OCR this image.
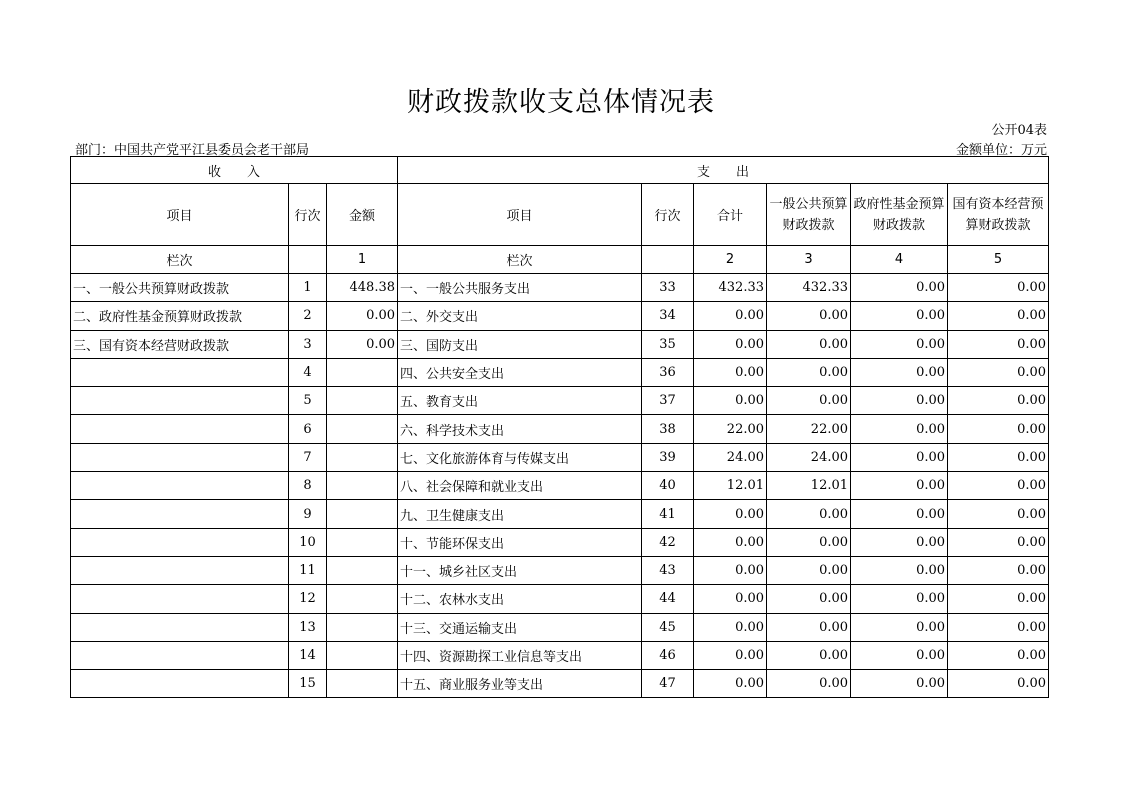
财政拨款收支总体情况表
公开04表
部门：中国共产党平江县委员会老干部局	金额单位：万元
收　　入			支　　出					
项目	行次	金额	项目	行次	合计	一般公共预算财政拨款	政府性基金预算财政拨款	国有资本经营预算财政拨款
栏次		1	栏次		2	3	4	5
一、一般公共预算财政拨款	1	448.38	一、一般公共服务支出	33	432.33	432.33	0.00	0.00
二、政府性基金预算财政拨款	2	0.00	二、外交支出	34	0.00	0.00	0.00	0.00
三、国有资本经营财政拨款	3	0.00	三、国防支出	35	0.00	0.00	0.00	0.00
	4		四、公共安全支出	36	0.00	0.00	0.00	0.00
	5		五、教育支出	37	0.00	0.00	0.00	0.00
	6		六、科学技术支出	38	22.00	22.00	0.00	0.00
	7		七、文化旅游体育与传媒支出	39	24.00	24.00	0.00	0.00
	8		八、社会保障和就业支出	40	12.01	12.01	0.00	0.00
	9		九、卫生健康支出	41	0.00	0.00	0.00	0.00
	10		十、节能环保支出	42	0.00	0.00	0.00	0.00
	11		十一、城乡社区支出	43	0.00	0.00	0.00	0.00
	12		十二、农林水支出	44	0.00	0.00	0.00	0.00
	13		十三、交通运输支出	45	0.00	0.00	0.00	0.00
	14		十四、资源勘探工业信息等支出	46	0.00	0.00	0.00	0.00
	15		十五、商业服务业等支出	47	0.00	0.00	0.00	0.00
